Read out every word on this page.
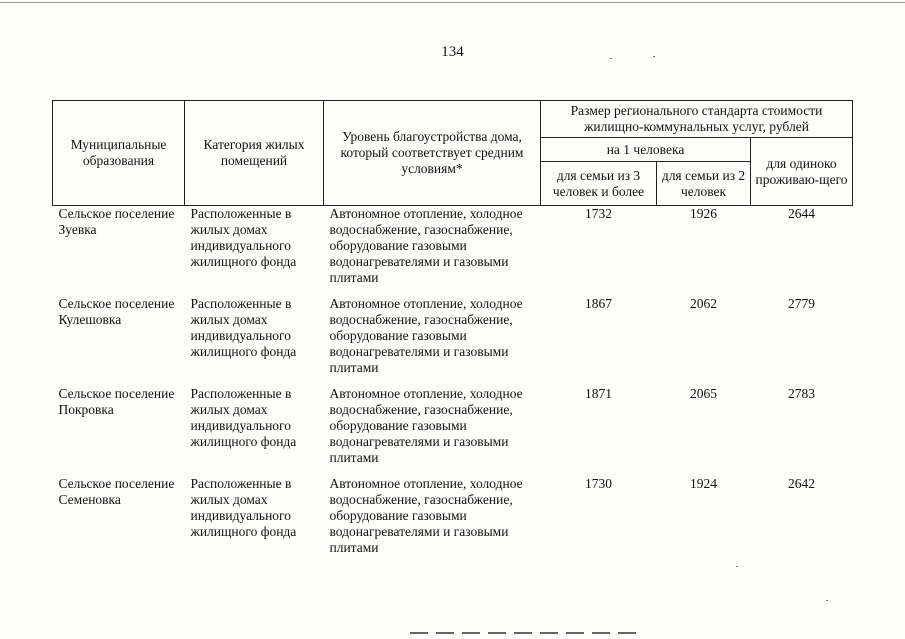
134
Муниципальные образования	Категория жилых помещений	Уровень благоустройства дома, который соответствует средним условиям*	Размер регионального стандарта стоимости жилищно-коммунальных услуг, рублей		
			на 1 человека		для одиноко проживаю-щего
			для семьи из 3 человек и более	для семьи из 2 человек	
Сельское поселение Зуевка	Расположенные в жилых домах индивидуального жилищного фонда	Автономное отопление, холодное водоснабжение, газоснабжение, оборудование газовыми водонагревателями и газовыми плитами	1732	1926	2644
Сельское поселение Кулешовка	Расположенные в жилых домах индивидуального жилищного фонда	Автономное отопление, холодное водоснабжение, газоснабжение, оборудование газовыми водонагревателями и газовыми плитами	1867	2062	2779
Сельское поселение Покровка	Расположенные в жилых домах индивидуального жилищного фонда	Автономное отопление, холодное водоснабжение, газоснабжение, оборудование газовыми водонагревателями и газовыми плитами	1871	2065	2783
Сельское поселение Семеновка	Расположенные в жилых домах индивидуального жилищного фонда	Автономное отопление, холодное водоснабжение, газоснабжение, оборудование газовыми водонагревателями и газовыми плитами	1730	1924	2642
